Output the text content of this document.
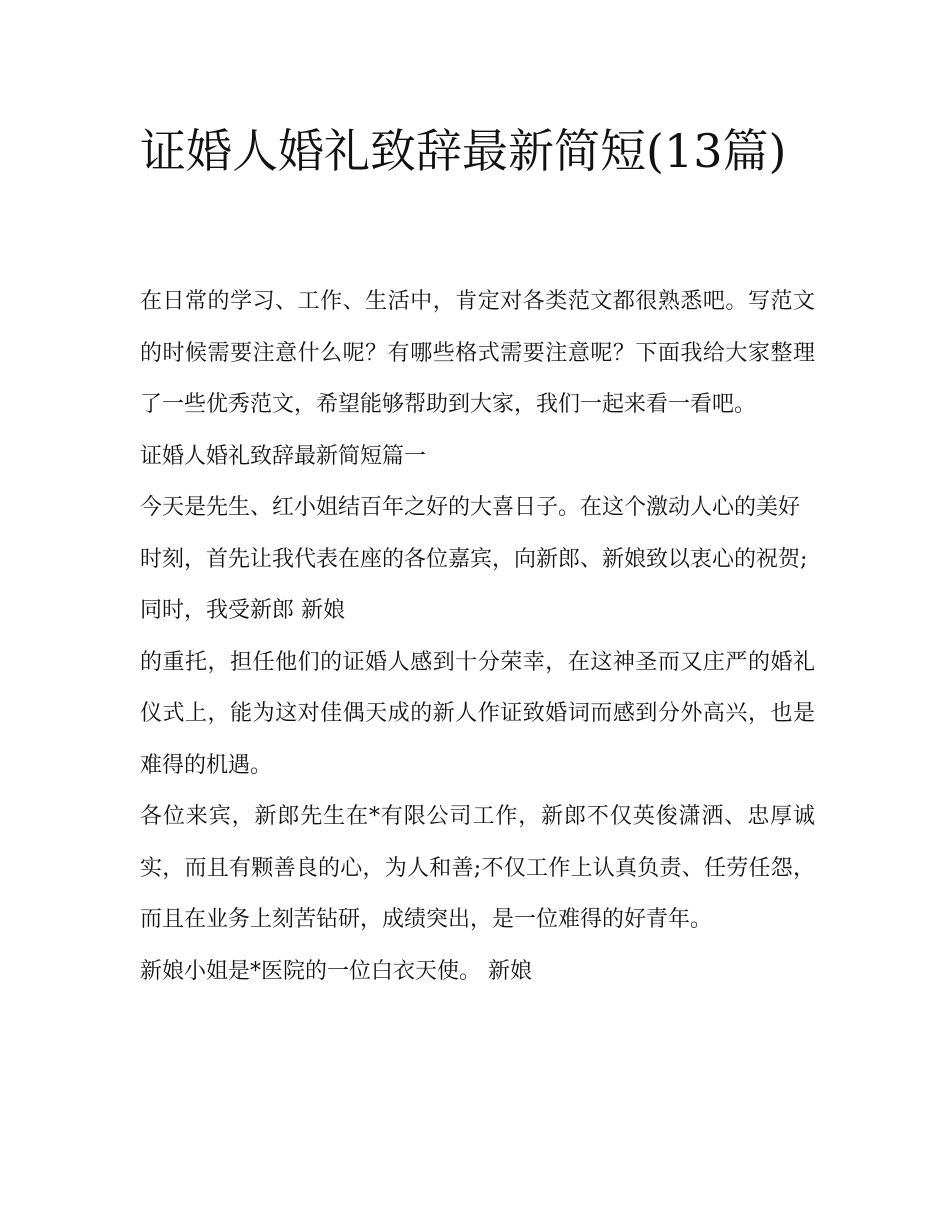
证婚人婚礼致辞最新简短(13篇)

在日常的学习、工作、生活中，肯定对各类范文都很熟悉吧。写范文的时候需要注意什么呢？有哪些格式需要注意呢？下面我给大家整理了一些优秀范文，希望能够帮助到大家，我们一起来看一看吧。

证婚人婚礼致辞最新简短篇一

今天是先生、红小姐结百年之好的大喜日子。在这个激动人心的美好时刻，首先让我代表在座的各位嘉宾，向新郎、新娘致以衷心的祝贺;同时，我受新郎 新娘

的重托，担任他们的证婚人感到十分荣幸，在这神圣而又庄严的婚礼仪式上，能为这对佳偶天成的新人作证致婚词而感到分外高兴，也是难得的机遇。

各位来宾，新郎先生在*有限公司工作，新郎不仅英俊潇洒、忠厚诚实，而且有颗善良的心，为人和善;不仅工作上认真负责、任劳任怨，而且在业务上刻苦钻研，成绩突出，是一位难得的好青年。

新娘小姐是*医院的一位白衣天使。 新娘
